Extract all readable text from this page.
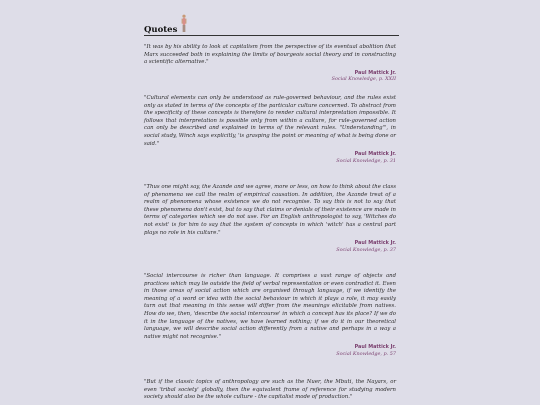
Quotes

"It was by his ability to look at capitalism from the perspective of its eventual abolition that Marx succeeded both in explaining the limits of bourgeois social theory and in constructing a scientific alternative."

Paul Mattick Jr.
Social Knowledge, p. XXII

"Cultural elements can only be understood as rule-governed behaviour, and the rules exist only as stated in terms of the concepts of the particular culture concerned. To abstract from the specificity of these concepts is therefore to render cultural interpretation impossible. It follows that interpretation is possible only from within a culture, for rule-governed action can only be described and explained in terms of the relevant rules. "Understanding"', in social study, Winch says explicitly, 'is grasping the point or meaning of what is being done or said."

Paul Mattick Jr.
Social Knowledge, p. 31

"Thus one might say, the Azande and we agree, more or less, on how to think about the class of phenomena we call the realm of empirical causation. In addition, the Azande treat of a realm of phenomena whose existence we do not recognise. To say this is not to say that these phenomena don't exist, but to say that claims or denials of their existence are made in terms of categories which we do not use. For an English anthropologist to say, 'Witches do not exist' is for him to say that the system of concepts in which 'witch' has a central part plays no role in his culture."

Paul Mattick Jr.
Social Knowledge, p. 37

"Social intercourse is richer than language. It comprises a vast range of objects and practices which may lie outside the field of verbal representation or even contradict it. Even in those areas of social action which are organised through language, if we identify the meaning of a word or idea with the social behaviour in which it plays a role, it may easily turn out that meaning in this sense will differ from the meanings elicitable from natives. How do we, then, 'describe the social intercourse' in which a concept has its place? If we do it in the language of the natives, we have learned nothing; if we do it in our theoretical language, we will describe social action differently from a native and perhaps in a way a native might not recognise."

Paul Mattick Jr.
Social Knowledge, p. 57

"But if the classic topics of anthropology are such as the Nuer, the Mbuti, the Nayars, or even 'tribal society' globally, then the equivalent frame of reference for studying modern society should also be the whole culture - the capitalist mode of production."
